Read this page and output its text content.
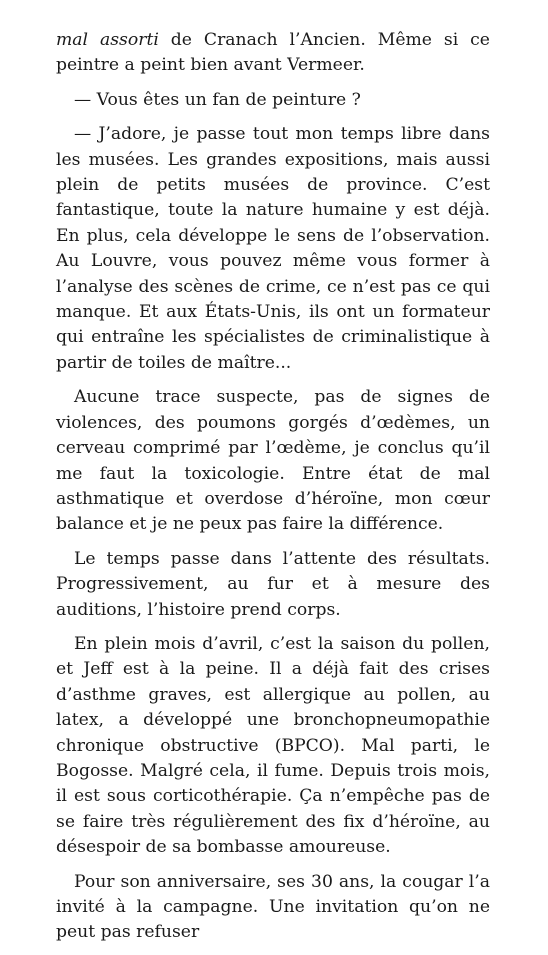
mal assorti de Cranach l’Ancien. Même si ce peintre a peint bien avant Vermeer.

— Vous êtes un fan de peinture ?

— J’adore, je passe tout mon temps libre dans les musées. Les grandes expositions, mais aussi plein de petits musées de province. C’est fantastique, toute la nature humaine y est déjà. En plus, cela développe le sens de l’observation. Au Louvre, vous pouvez même vous former à l’analyse des scènes de crime, ce n’est pas ce qui manque. Et aux États-Unis, ils ont un formateur qui entraîne les spécialistes de criminalistique à partir de toiles de maître...

Aucune trace suspecte, pas de signes de violences, des poumons gorgés d’œdèmes, un cerveau comprimé par l’œdème, je conclus qu’il me faut la toxicologie. Entre état de mal asthmatique et overdose d’héroïne, mon cœur balance et je ne peux pas faire la différence.

Le temps passe dans l’attente des résultats. Progressivement, au fur et à mesure des auditions, l’histoire prend corps.

En plein mois d’avril, c’est la saison du pollen, et Jeff est à la peine. Il a déjà fait des crises d’asthme graves, est allergique au pollen, au latex, a développé une bronchopneumopathie chronique obstructive (BPCO). Mal parti, le Bogosse. Malgré cela, il fume. Depuis trois mois, il est sous corticothérapie. Ça n’empêche pas de se faire très régulièrement des fix d’héroïne, au désespoir de sa bombasse amoureuse.

Pour son anniversaire, ses 30 ans, la cougar l’a invité à la campagne. Une invitation qu’on ne peut pas refuser
